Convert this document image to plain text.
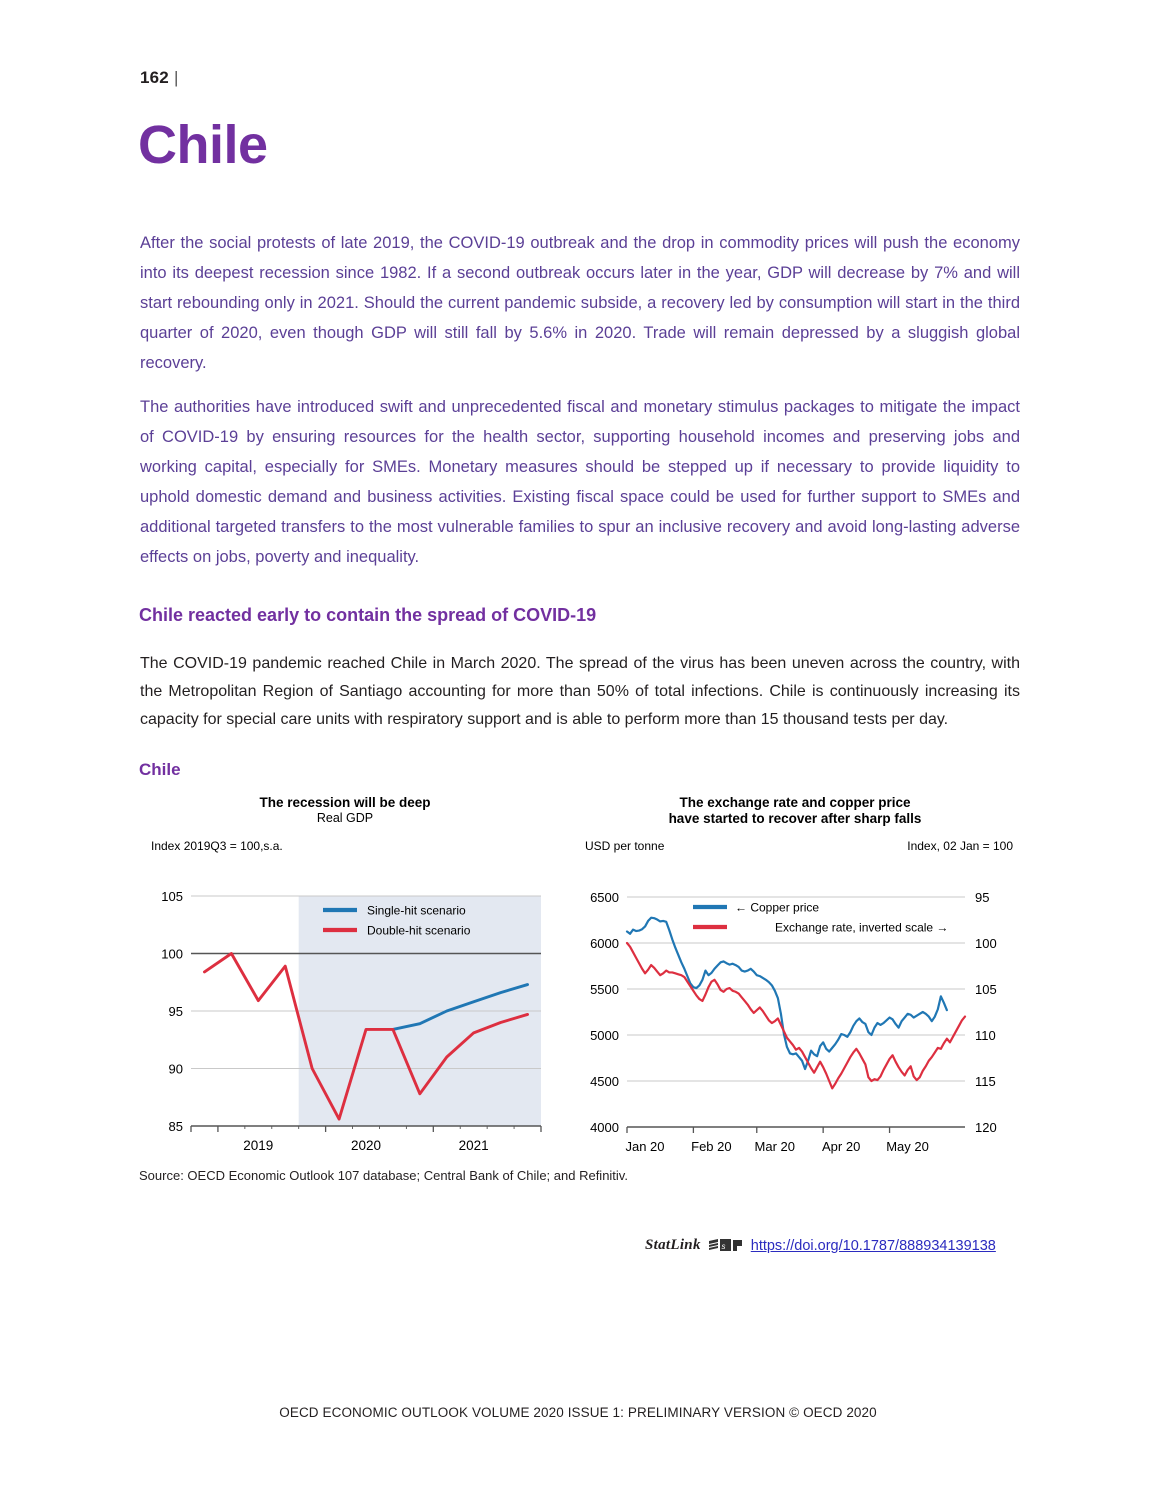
162 |
Chile
After the social protests of late 2019, the COVID-19 outbreak and the drop in commodity prices will push the economy into its deepest recession since 1982. If a second outbreak occurs later in the year, GDP will decrease by 7% and will start rebounding only in 2021. Should the current pandemic subside, a recovery led by consumption will start in the third quarter of 2020, even though GDP will still fall by 5.6% in 2020. Trade will remain depressed by a sluggish global recovery.
The authorities have introduced swift and unprecedented fiscal and monetary stimulus packages to mitigate the impact of COVID-19 by ensuring resources for the health sector, supporting household incomes and preserving jobs and working capital, especially for SMEs. Monetary measures should be stepped up if necessary to provide liquidity to uphold domestic demand and business activities. Existing fiscal space could be used for further support to SMEs and additional targeted transfers to the most vulnerable families to spur an inclusive recovery and avoid long-lasting adverse effects on jobs, poverty and inequality.
Chile reacted early to contain the spread of COVID-19
The COVID-19 pandemic reached Chile in March 2020. The spread of the virus has been uneven across the country, with the Metropolitan Region of Santiago accounting for more than 50% of total infections. Chile is continuously increasing its capacity for special care units with respiratory support and is able to perform more than 15 thousand tests per day.
Chile
The recession will be deep
Real GDP
Index 2019Q3 = 100,s.a.
85
90
95
100
105
2019	2020	2021
Single-hit scenario
Double-hit scenario
The exchange rate and copper price
have started to recover after sharp falls
USD per tonne	Index, 02 Jan = 100
4000
4500
5000
5500
6000
6500	95
100
105
110
115
120
Jan 20 Feb 20 Mar 20 Apr 20 May 20
← Copper price
Exchange rate, inverted scale →
Source: OECD Economic Outlook 107 database; Central Bank of Chile; and Refinitiv.
StatLink	s https://doi.org/10.1787/888934139138
OECD ECONOMIC OUTLOOK VOLUME 2020 ISSUE 1: PRELIMINARY VERSION © OECD 2020
